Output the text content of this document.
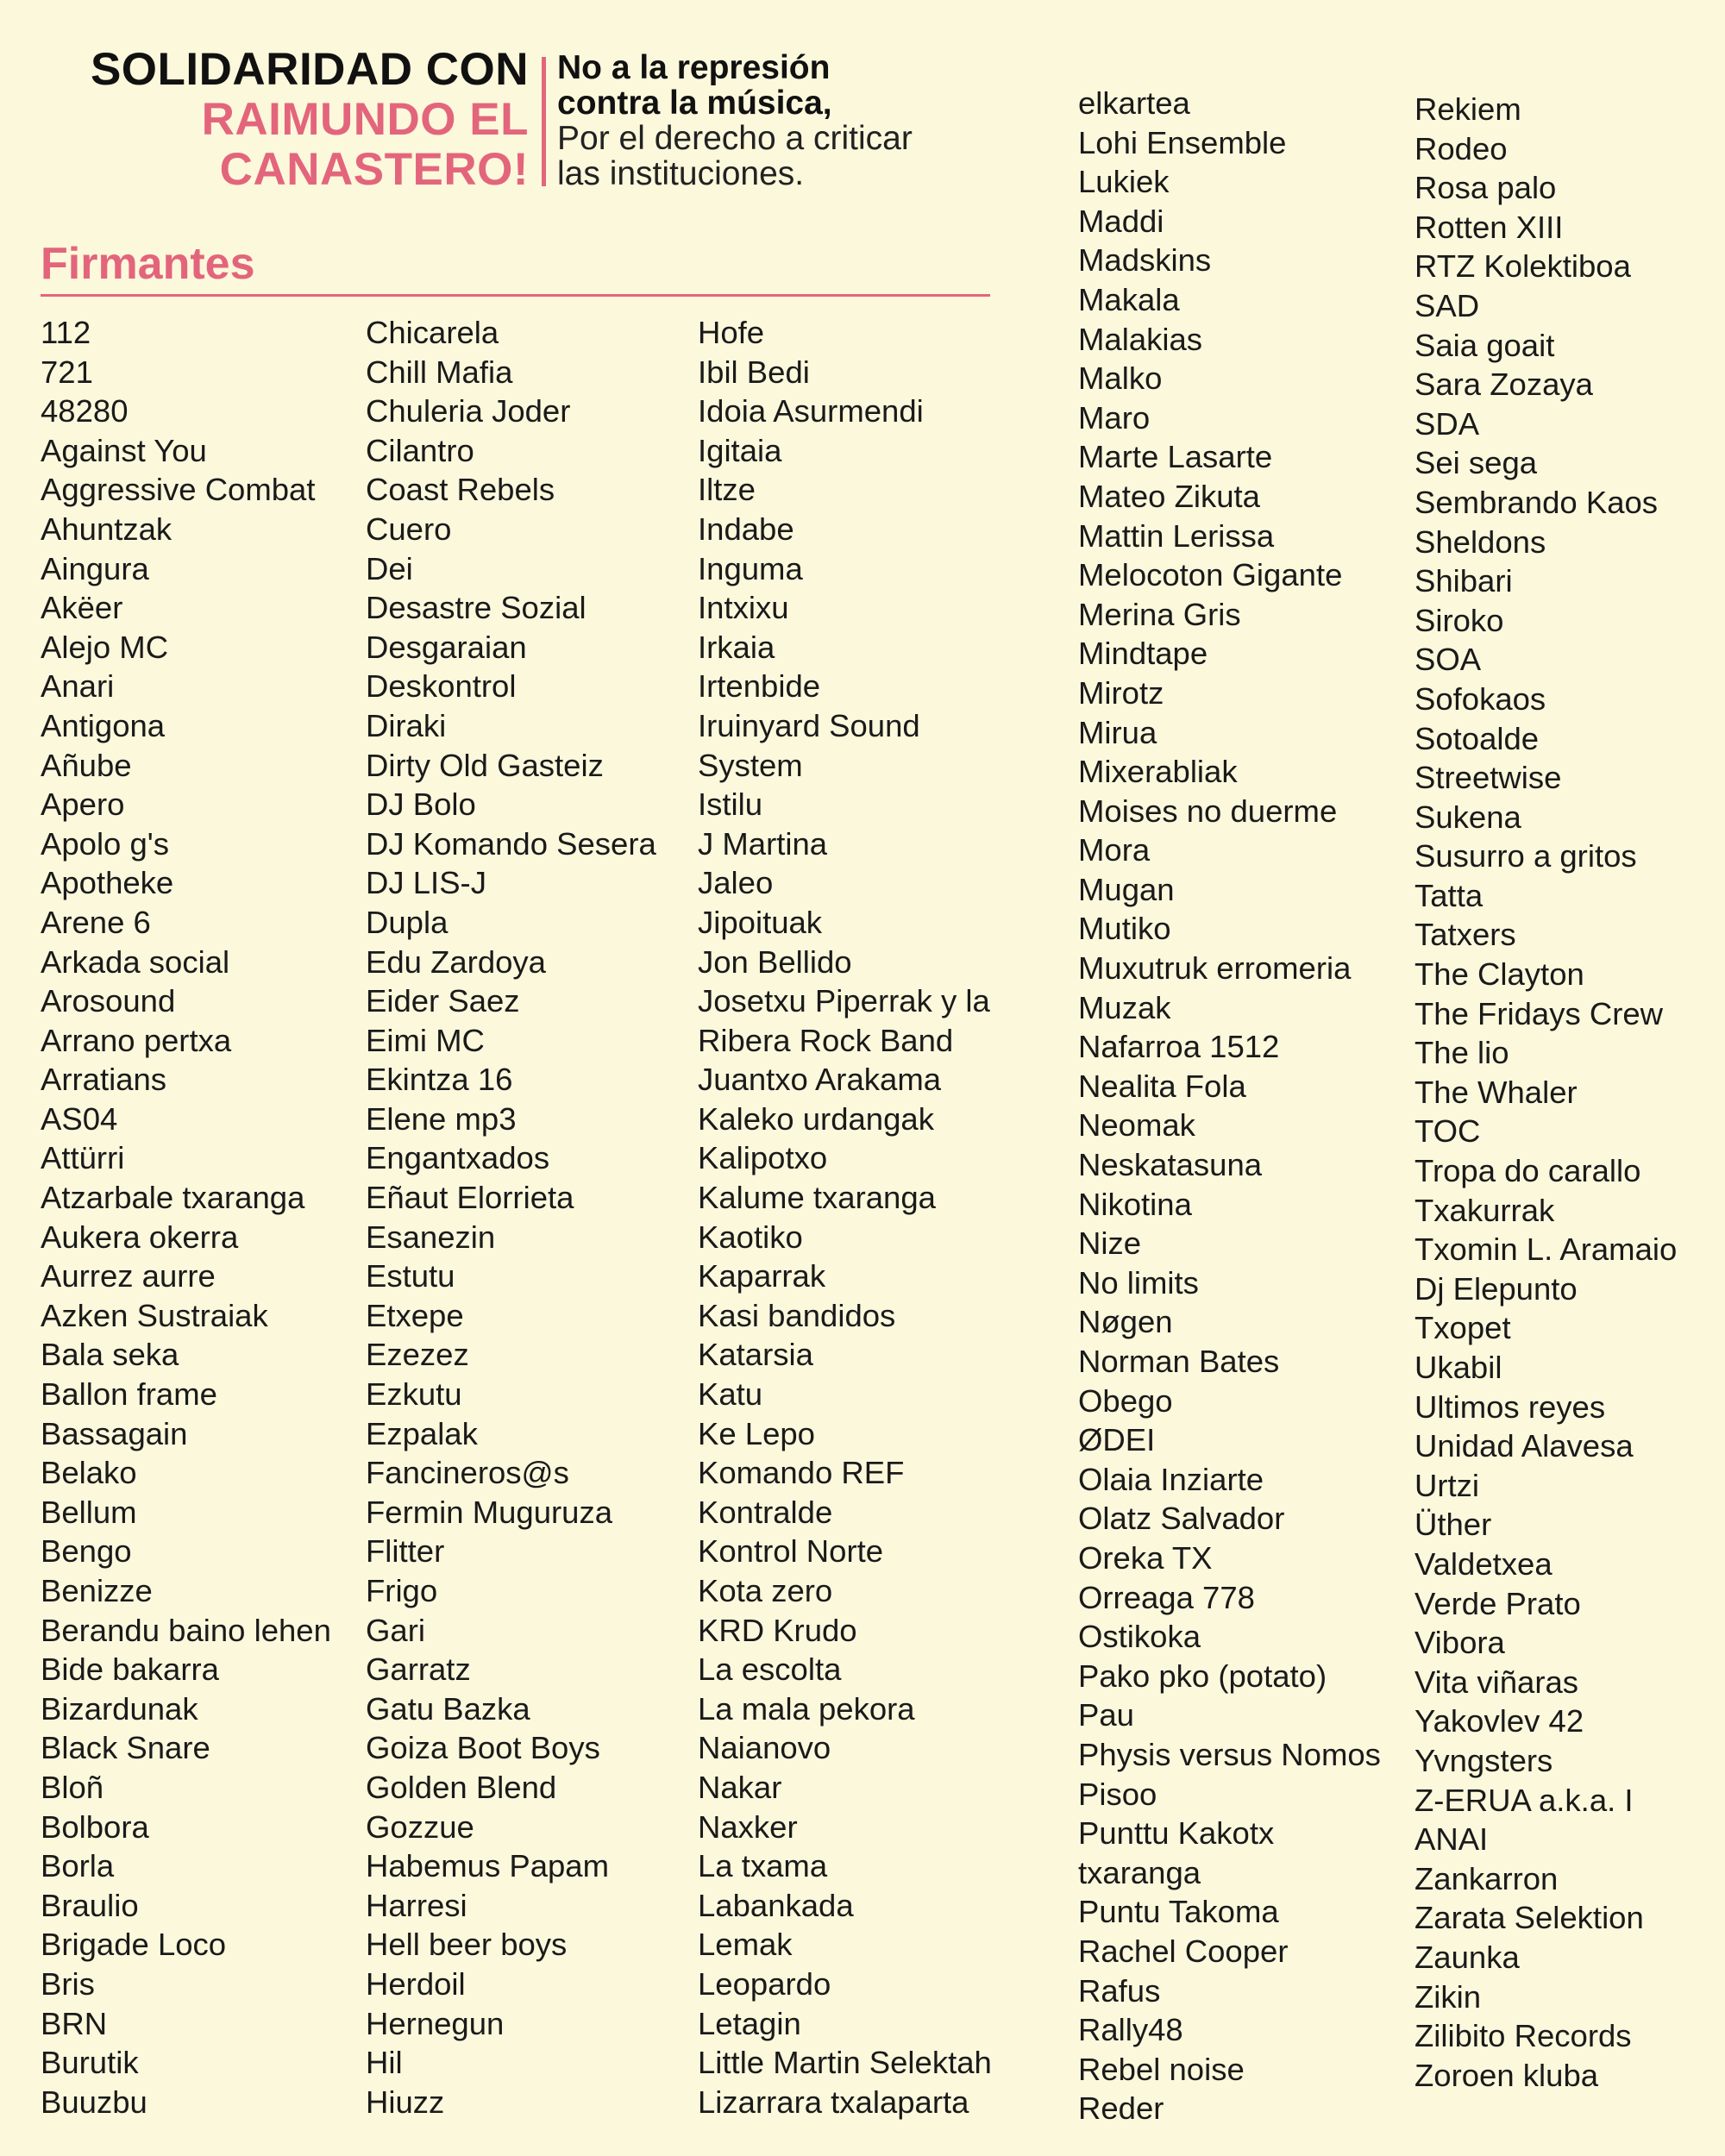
SOLIDARIDAD CON
RAIMUNDO EL
CANASTERO!
No a la represión
contra la música,
Por el derecho a criticar
las instituciones.
Firmantes
112
721
48280
Against You
Aggressive Combat
Ahuntzak
Aingura
Akëer
Alejo MC
Anari
Antigona
Añube
Apero
Apolo g's
Apotheke
Arene 6
Arkada social
Arosound
Arrano pertxa
Arratians
AS04
Attürri
Atzarbale txaranga
Aukera okerra
Aurrez aurre
Azken Sustraiak
Bala seka
Ballon frame
Bassagain
Belako
Bellum
Bengo
Benizze
Berandu baino lehen
Bide bakarra
Bizardunak
Black Snare
Bloñ
Bolbora
Borla
Braulio
Brigade Loco
Bris
BRN
Burutik
Buuzbu
Chicarela
Chill Mafia
Chuleria Joder
Cilantro
Coast Rebels
Cuero
Dei
Desastre Sozial
Desgaraian
Deskontrol
Diraki
Dirty Old Gasteiz
DJ Bolo
DJ Komando Sesera
DJ LIS-J
Dupla
Edu Zardoya
Eider Saez
Eimi MC
Ekintza 16
Elene mp3
Engantxados
Eñaut Elorrieta
Esanezin
Estutu
Etxepe
Ezezez
Ezkutu
Ezpalak
Fancineros@s
Fermin Muguruza
Flitter
Frigo
Gari
Garratz
Gatu Bazka
Goiza Boot Boys
Golden Blend
Gozzue
Habemus Papam
Harresi
Hell beer boys
Herdoil
Hernegun
Hil
Hiuzz
Hofe
Ibil Bedi
Idoia Asurmendi
Igitaia
Iltze
Indabe
Inguma
Intxixu
Irkaia
Irtenbide
Iruinyard Sound
System
Istilu
J Martina
Jaleo
Jipoituak
Jon Bellido
Josetxu Piperrak y la
Ribera Rock Band
Juantxo Arakama
Kaleko urdangak
Kalipotxo
Kalume txaranga
Kaotiko
Kaparrak
Kasi bandidos
Katarsia
Katu
Ke Lepo
Komando REF
Kontralde
Kontrol Norte
Kota zero
KRD Krudo
La escolta
La mala pekora
Naianovo
Nakar
Naxker
La txama
Labankada
Lemak
Leopardo
Letagin
Little Martin Selektah
Lizarrara txalaparta
elkartea
Lohi Ensemble
Lukiek
Maddi
Madskins
Makala
Malakias
Malko
Maro
Marte Lasarte
Mateo Zikuta
Mattin Lerissa
Melocoton Gigante
Merina Gris
Mindtape
Mirotz
Mirua
Mixerabliak
Moises no duerme
Mora
Mugan
Mutiko
Muxutruk erromeria
Muzak
Nafarroa 1512
Nealita Fola
Neomak
Neskatasuna
Nikotina
Nize
No limits
Nøgen
Norman Bates
Obego
ØDEI
Olaia Inziarte
Olatz Salvador
Oreka TX
Orreaga 778
Ostikoka
Pako pko (potato)
Pau
Physis versus Nomos
Pisoo
Punttu Kakotx
txaranga
Puntu Takoma
Rachel Cooper
Rafus
Rally48
Rebel noise
Reder
Rekiem
Rodeo
Rosa palo
Rotten XIII
RTZ Kolektiboa
SAD
Saia goait
Sara Zozaya
SDA
Sei sega
Sembrando Kaos
Sheldons
Shibari
Siroko
SOA
Sofokaos
Sotoalde
Streetwise
Sukena
Susurro a gritos
Tatta
Tatxers
The Clayton
The Fridays Crew
The lio
The Whaler
TOC
Tropa do carallo
Txakurrak
Txomin L. Aramaio
Dj Elepunto
Txopet
Ukabil
Ultimos reyes
Unidad Alavesa
Urtzi
Üther
Valdetxea
Verde Prato
Vibora
Vita viñaras
Yakovlev 42
Yvngsters
Z-ERUA a.k.a. I
ANAI
Zankarron
Zarata Selektion
Zaunka
Zikin
Zilibito Records
Zoroen kluba
